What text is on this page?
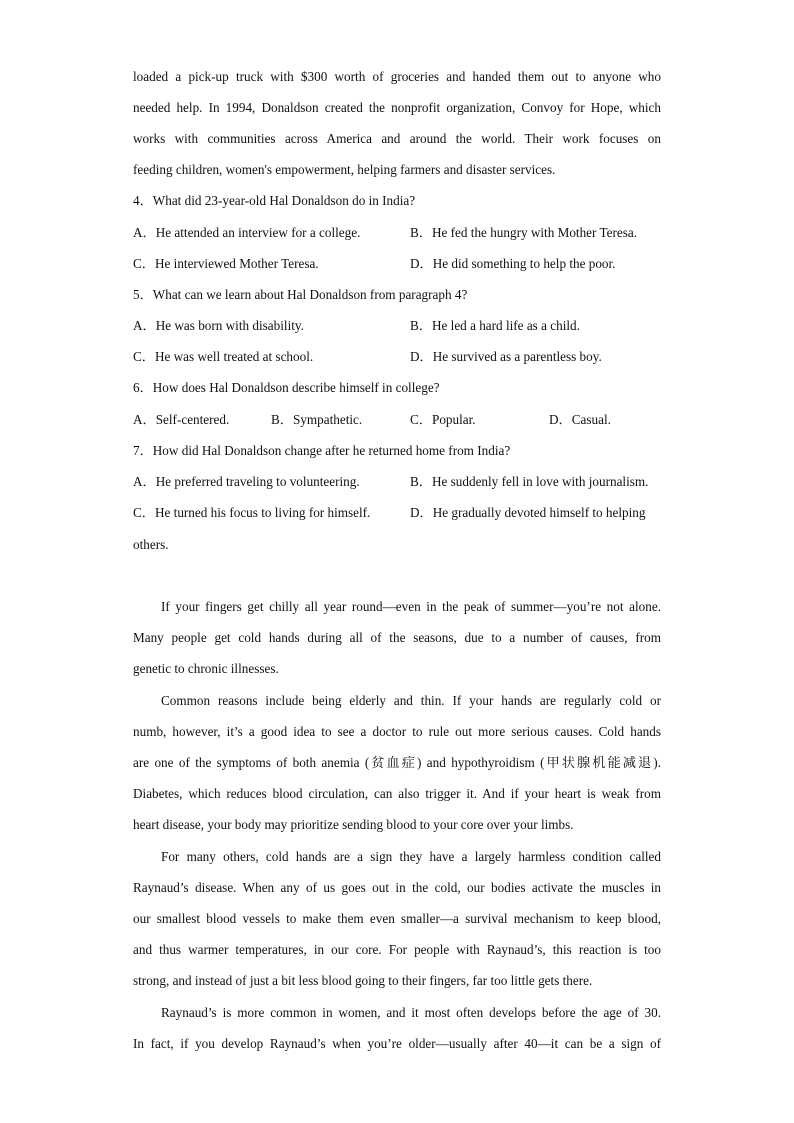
loaded a pick-up truck with $300 worth of groceries and handed them out to anyone who
needed help. In 1994, Donaldson created the nonprofit organization, Convoy for Hope, which
works with communities across America and around the world. Their work focuses on
feeding children, women's empowerment, helping farmers and disaster services.
4．What did 23-year-old Hal Donaldson do in India?
A．He attended an interview for a college.	B．He fed the hungry with Mother Teresa.
C．He interviewed Mother Teresa.	D．He did something to help the poor.
5．What can we learn about Hal Donaldson from paragraph 4?
A．He was born with disability.	B．He led a hard life as a child.
C．He was well treated at school.	D．He survived as a parentless boy.
6．How does Hal Donaldson describe himself in college?
A．Self-centered.	B．Sympathetic.	C．Popular.	D．Casual.
7．How did Hal Donaldson change after he returned home from India?
A．He preferred traveling to volunteering.	B．He suddenly fell in love with journalism.
C．He turned his focus to living for himself.	D．He gradually devoted himself to helping
others.
If your fingers get chilly all year round—even in the peak of summer—you’re not alone.
Many people get cold hands during all of the seasons, due to a number of causes, from
genetic to chronic illnesses.
Common reasons include being elderly and thin. If your hands are regularly cold or
numb, however, it’s a good idea to see a doctor to rule out more serious causes. Cold hands
are one of the symptoms of both anemia (贫血症) and hypothyroidism (甲状腺机能减退).
Diabetes, which reduces blood circulation, can also trigger it. And if your heart is weak from
heart disease, your body may prioritize sending blood to your core over your limbs.
For many others, cold hands are a sign they have a largely harmless condition called
Raynaud’s disease. When any of us goes out in the cold, our bodies activate the muscles in
our smallest blood vessels to make them even smaller—a survival mechanism to keep blood,
and thus warmer temperatures, in our core. For people with Raynaud’s, this reaction is too
strong, and instead of just a bit less blood going to their fingers, far too little gets there.
Raynaud’s is more common in women, and it most often develops before the age of 30.
In fact, if you develop Raynaud’s when you’re older—usually after 40—it can be a sign of
